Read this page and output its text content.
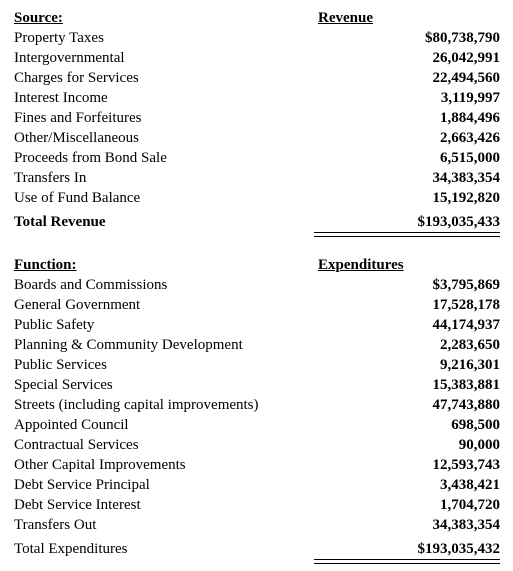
Source:	Revenue
Property Taxes	$80,738,790
Intergovernmental	26,042,991
Charges for Services	22,494,560
Interest Income	3,119,997
Fines and Forfeitures	1,884,496
Other/Miscellaneous	2,663,426
Proceeds from Bond Sale	6,515,000
Transfers In	34,383,354
Use of Fund Balance	15,192,820
Total Revenue	$193,035,433
Function:	Expenditures
Boards and Commissions	$3,795,869
General Government	17,528,178
Public Safety	44,174,937
Planning & Community Development	2,283,650
Public Services	9,216,301
Special Services	15,383,881
Streets (including capital improvements)	47,743,880
Appointed Council	698,500
Contractual Services	90,000
Other Capital Improvements	12,593,743
Debt Service Principal	3,438,421
Debt Service Interest	1,704,720
Transfers Out	34,383,354
Total Expenditures	$193,035,432
